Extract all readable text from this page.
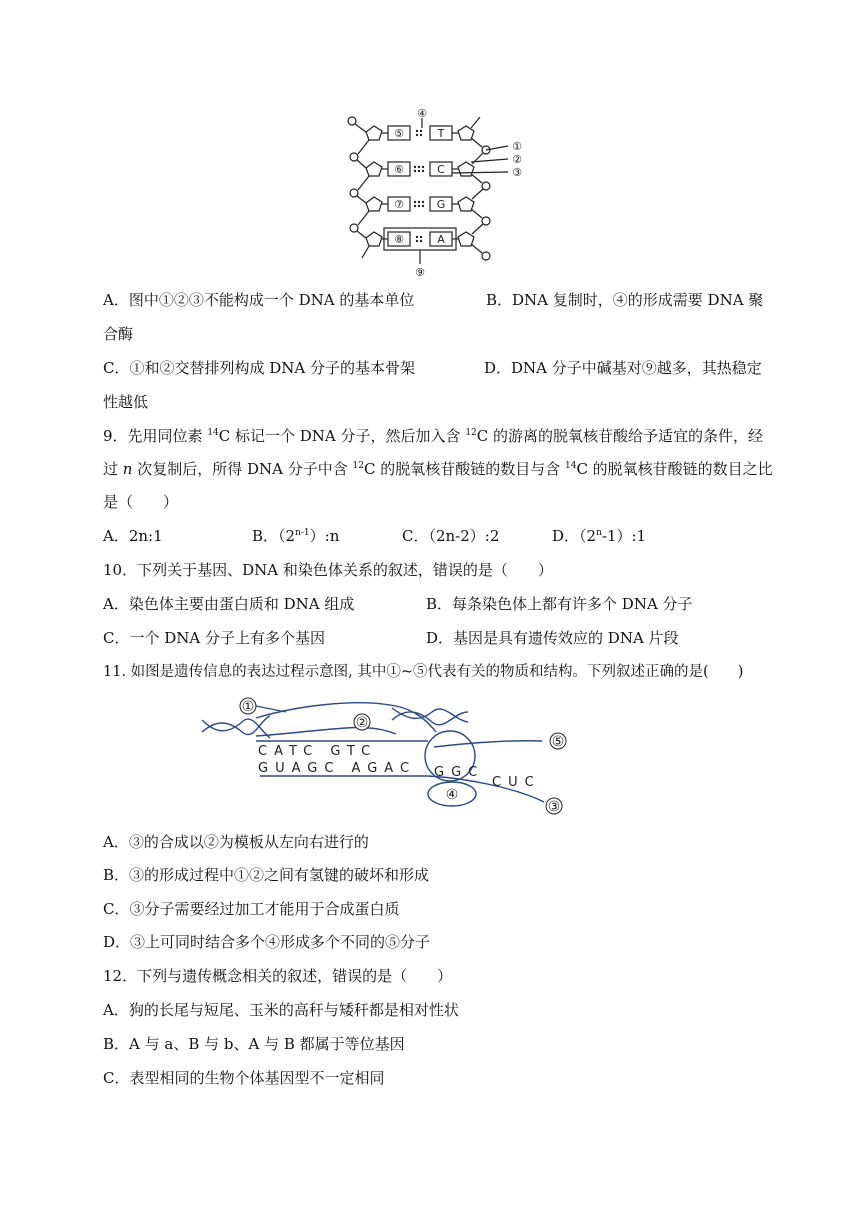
⑤
⑥
⑦
⑧
T
C
G
A
④
⑨
①
②
③
A．图中①②③不能构成一个 DNA 的基本单位	B．DNA 复制时，④的形成需要 DNA 聚
合酶
C．①和②交替排列构成 DNA 分子的基本骨架	D．DNA 分子中碱基对⑨越多，其热稳定
性越低
9．先用同位素 $^{14}$C 标记一个 DNA 分子，然后加入含 $^{12}$C 的游离的脱氧核苷酸给予适宜的条件，经
过 n 次复制后，所得 DNA 分子中含 $^{12}$C 的脱氧核苷酸链的数目与含 $^{14}$C 的脱氧核苷酸链的数目之比
是（　　）
A．2n:1	B．（2$^{n-1}$）:n	C．（2n-2）:2	D．（2$^n$-1）:1
10．下列关于基因、DNA 和染色体关系的叙述，错误的是（　　）
A．染色体主要由蛋白质和 DNA 组成	B．每条染色体上都有许多个 DNA 分子
C．一个 DNA 分子上有多个基因	D．基因是具有遗传效应的 DNA 片段
11. 如图是遗传信息的表达过程示意图, 其中①~⑤代表有关的物质和结构。下列叙述正确的是(　　)
①
②
⑤
④
③
CATC GTC
GUAGC AGAC GGC
CUC
A．③的合成以②为模板从左向右进行的
B．③的形成过程中①②之间有氢键的破坏和形成
C．③分子需要经过加工才能用于合成蛋白质
D．③上可同时结合多个④形成多个不同的⑤分子
12．下列与遗传概念相关的叙述，错误的是（　　）
A．狗的长尾与短尾、玉米的高秆与矮秆都是相对性状
B．A 与 a、B 与 b、A 与 B 都属于等位基因
C．表型相同的生物个体基因型不一定相同
